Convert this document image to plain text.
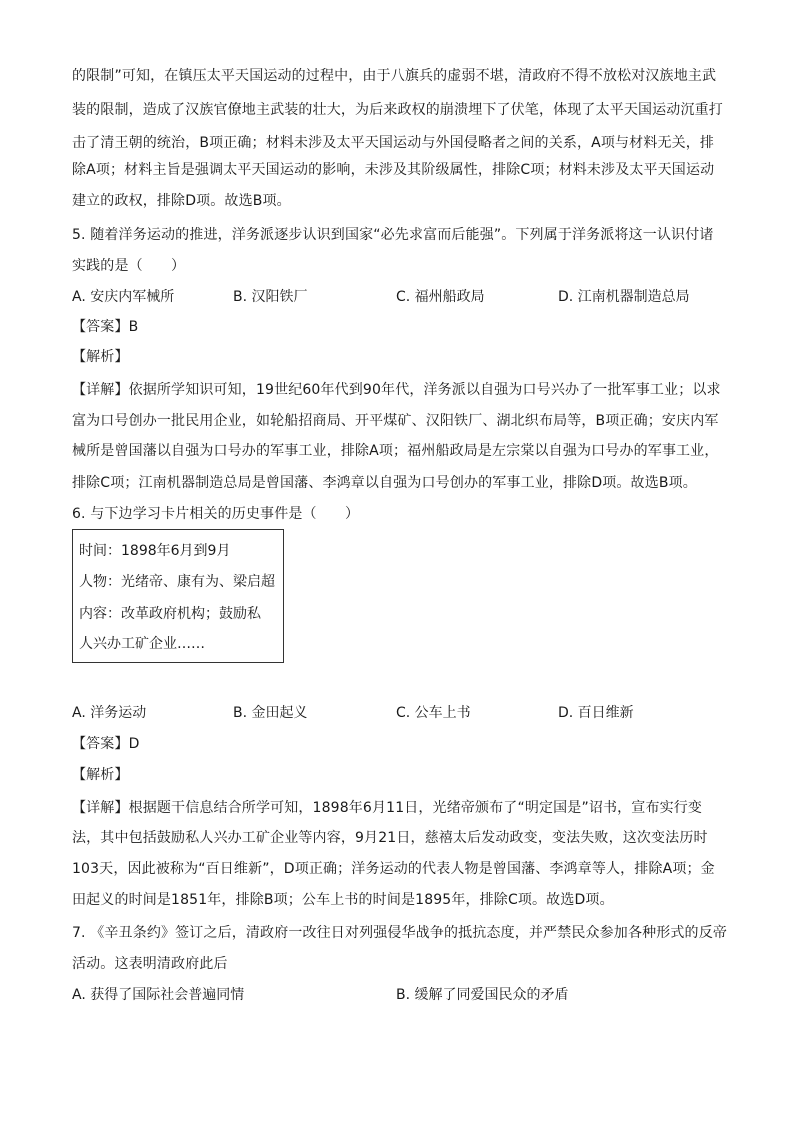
的限制”可知，在镇压太平天国运动的过程中，由于八旗兵的虚弱不堪，清政府不得不放松对汉族地主武
装的限制，造成了汉族官僚地主武装的壮大，为后来政权的崩溃埋下了伏笔，体现了太平天国运动沉重打
击了清王朝的统治，B项正确；材料未涉及太平天国运动与外国侵略者之间的关系，A项与材料无关，排
除A项；材料主旨是强调太平天国运动的影响，未涉及其阶级属性，排除C项；材料未涉及太平天国运动
建立的政权，排除D项。故选B项。
5. 随着洋务运动的推进，洋务派逐步认识到国家“必先求富而后能强”。下列属于洋务派将这一认识付诸
实践的是（　　）
A. 安庆内军械所	B. 汉阳铁厂	C. 福州船政局	D. 江南机器制造总局
【答案】B
【解析】
【详解】依据所学知识可知，19世纪60年代到90年代，洋务派以自强为口号兴办了一批军事工业；以求
富为口号创办一批民用企业，如轮船招商局、开平煤矿、汉阳铁厂、湖北织布局等，B项正确；安庆内军
械所是曾国藩以自强为口号办的军事工业，排除A项；福州船政局是左宗棠以自强为口号办的军事工业，
排除C项；江南机器制造总局是曾国藩、李鸿章以自强为口号创办的军事工业，排除D项。故选B项。
6. 与下边学习卡片相关的历史事件是（　　）
时间：1898年6月到9月
人物：光绪帝、康有为、梁启超
内容：改革政府机构；鼓励私
人兴办工矿企业……
A. 洋务运动	B. 金田起义	C. 公车上书	D. 百日维新
【答案】D
【解析】
【详解】根据题干信息结合所学可知，1898年6月11日，光绪帝颁布了“明定国是”诏书，宣布实行变
法，其中包括鼓励私人兴办工矿企业等内容，9月21日，慈禧太后发动政变，变法失败，这次变法历时
103天，因此被称为“百日维新”，D项正确；洋务运动的代表人物是曾国藩、李鸿章等人，排除A项；金
田起义的时间是1851年，排除B项；公车上书的时间是1895年，排除C项。故选D项。
7. 《辛丑条约》签订之后，清政府一改往日对列强侵华战争的抵抗态度，并严禁民众参加各种形式的反帝
活动。这表明清政府此后
A. 获得了国际社会普遍同情	B. 缓解了同爱国民众的矛盾
